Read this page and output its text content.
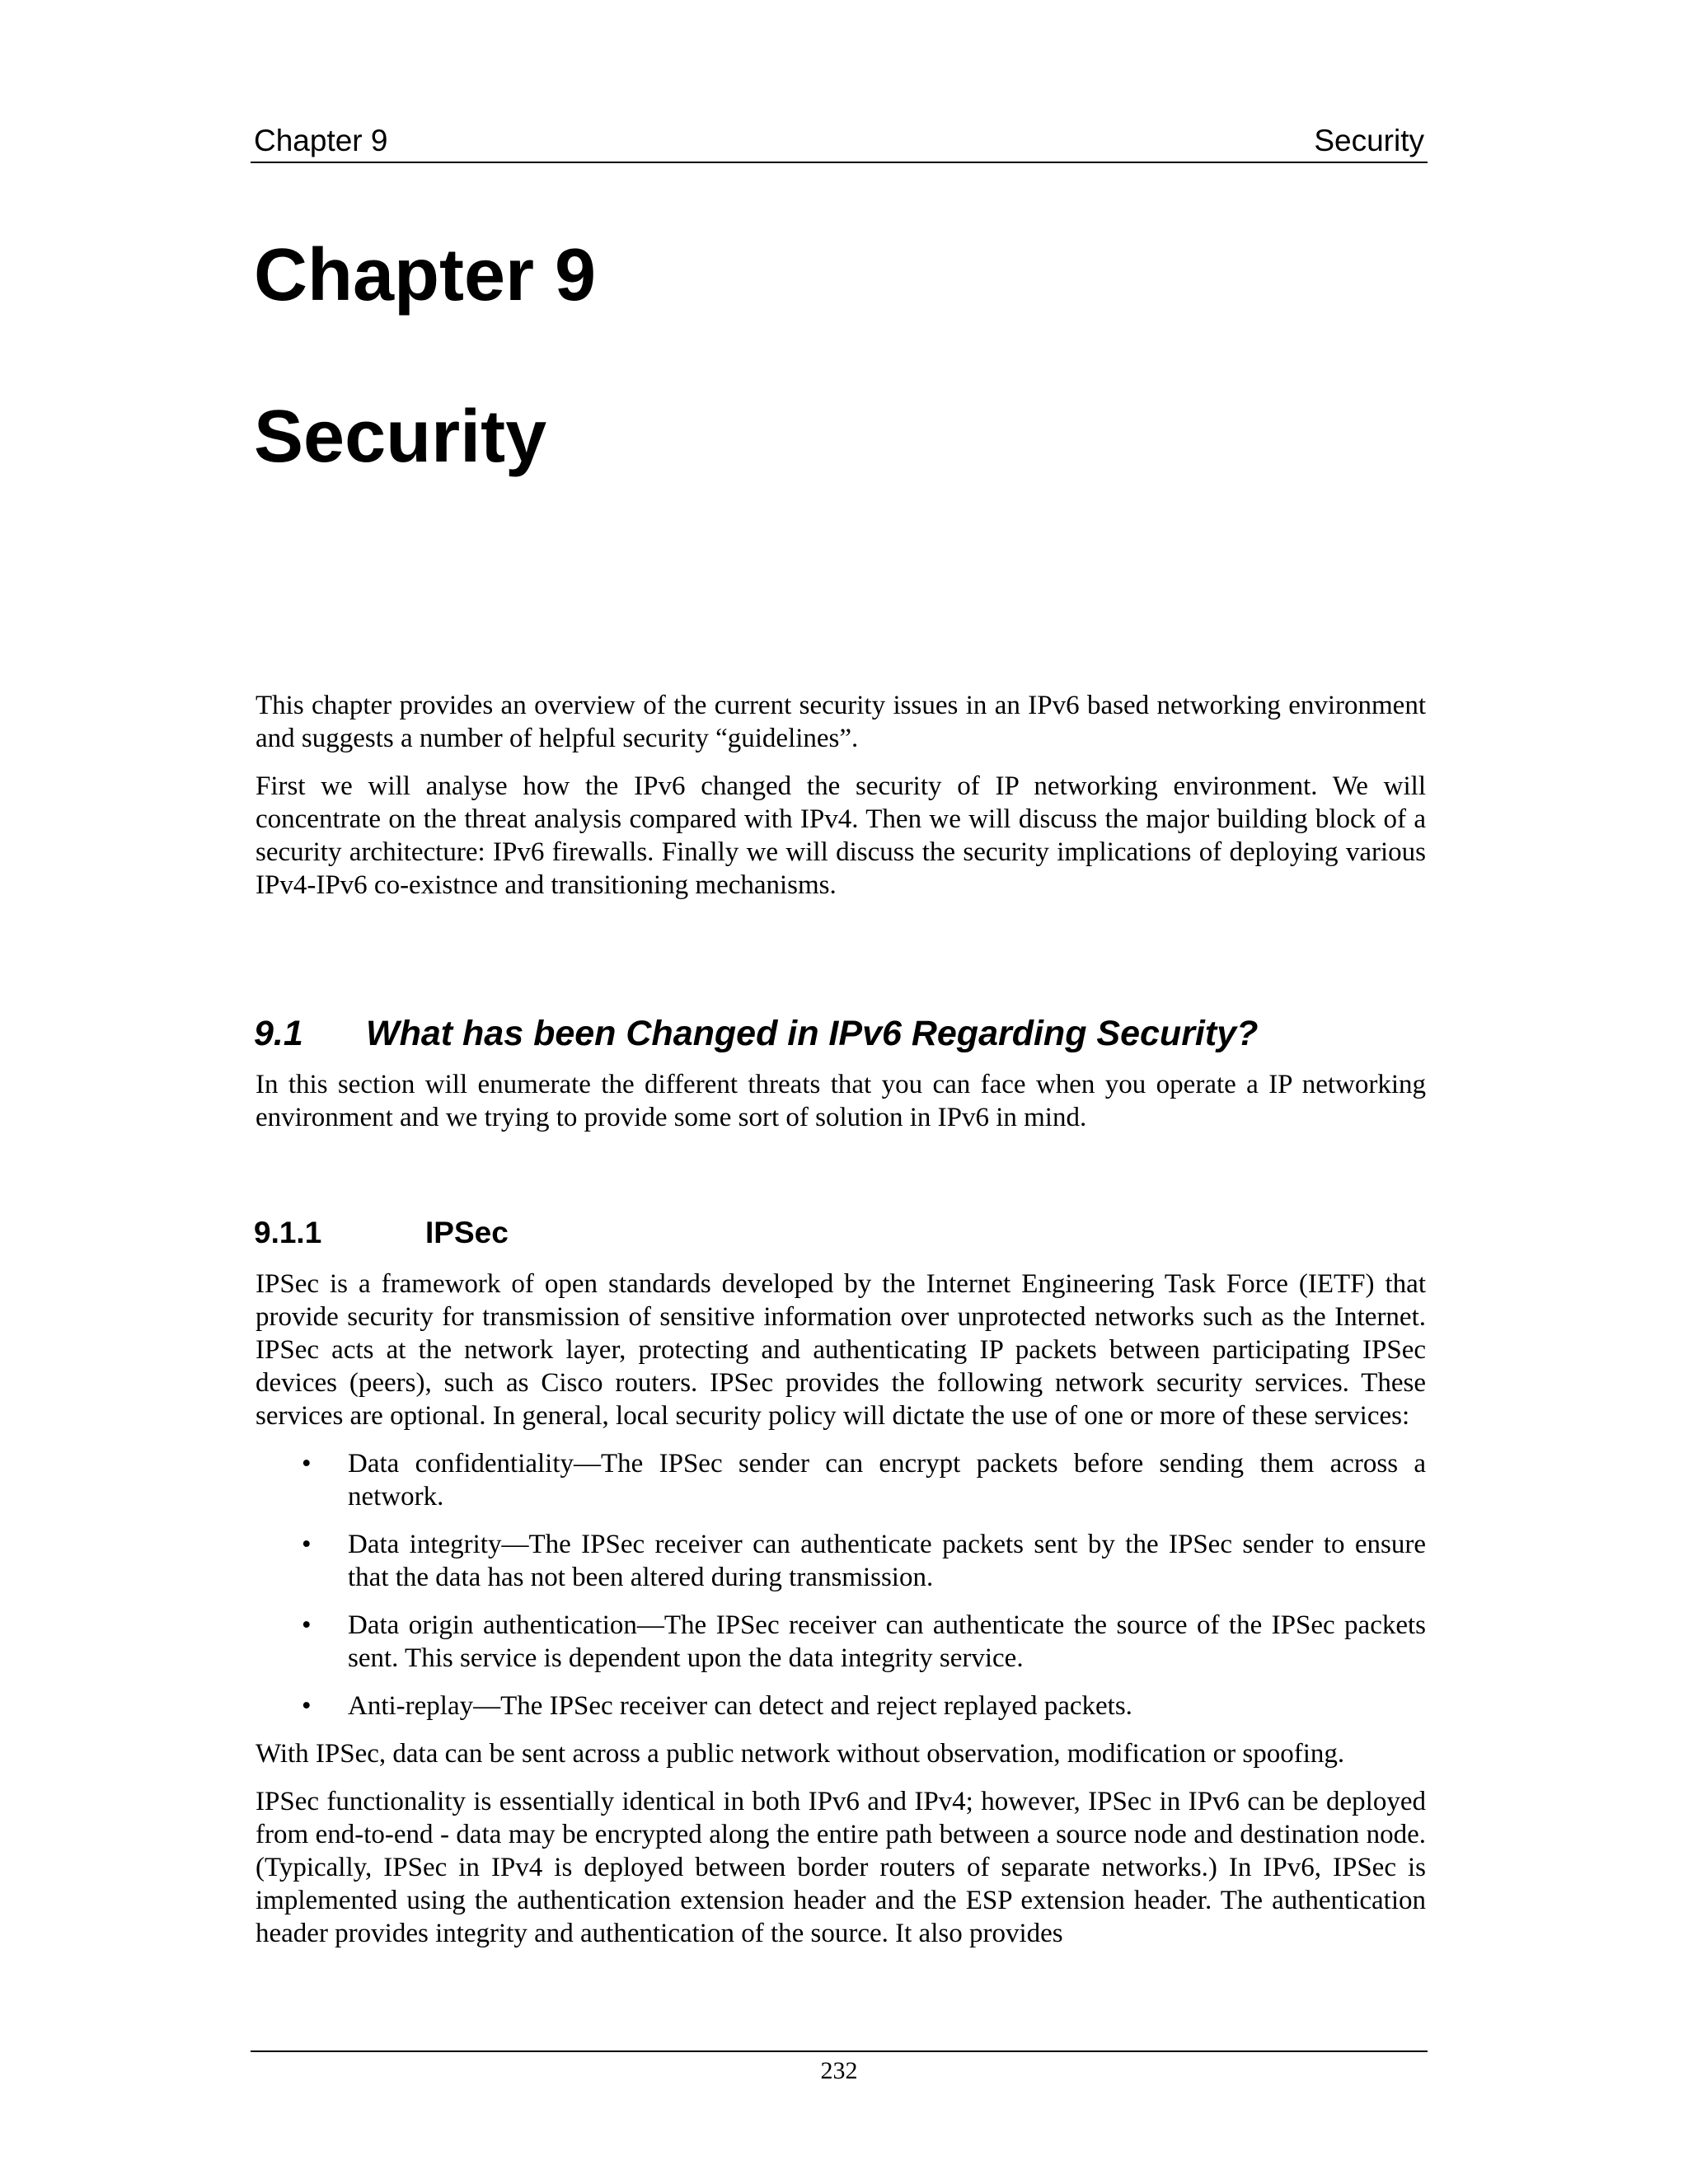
Chapter 9	Security
Chapter 9
Security

This chapter provides an overview of the current security issues in an IPv6 based networking environment and suggests a number of helpful security “guidelines”.

First we will analyse how the IPv6 changed the security of IP networking environment. We will concentrate on the threat analysis compared with IPv4. Then we will discuss the major building block of a security architecture: IPv6 firewalls. Finally we will discuss the security implications of deploying various IPv4-IPv6 co-existnce and transitioning mechanisms.

9.1 What has been Changed in IPv6 Regarding Security?

In this section will enumerate the different threats that you can face when you operate a IP networking environment and we trying to provide some sort of solution in IPv6 in mind.

9.1.1	IPSec

IPSec is a framework of open standards developed by the Internet Engineering Task Force (IETF) that provide security for transmission of sensitive information over unprotected networks such as the Internet. IPSec acts at the network layer, protecting and authenticating IP packets between participating IPSec devices (peers), such as Cisco routers. IPSec provides the following network security services. These services are optional. In general, local security policy will dictate the use of one or more of these services:

• Data confidentiality—The IPSec sender can encrypt packets before sending them across a network.
• Data integrity—The IPSec receiver can authenticate packets sent by the IPSec sender to ensure that the data has not been altered during transmission.
• Data origin authentication—The IPSec receiver can authenticate the source of the IPSec packets sent. This service is dependent upon the data integrity service.
• Anti-replay—The IPSec receiver can detect and reject replayed packets.

With IPSec, data can be sent across a public network without observation, modification or spoofing.

IPSec functionality is essentially identical in both IPv6 and IPv4; however, IPSec in IPv6 can be deployed from end-to-end - data may be encrypted along the entire path between a source node and destination node. (Typically, IPSec in IPv4 is deployed between border routers of separate networks.) In IPv6, IPSec is implemented using the authentication extension header and the ESP extension header. The authentication header provides integrity and authentication of the source. It also provides

232
